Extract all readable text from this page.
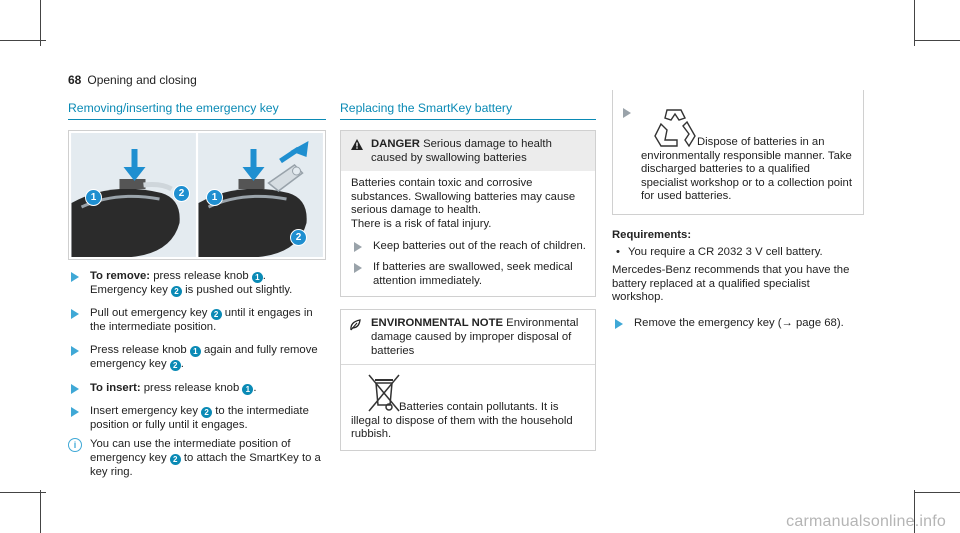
68 Opening and closing
Removing/inserting the emergency key
1	2	1
2
To remove: press release knob 1 . Emergency key 2 is pushed out slightly.
Pull out emergency key 2 until it engages in the intermediate position.
Press release knob 1 again and fully remove emergency key 2 .
To insert: press release knob 1 .
Insert emergency key 2 to the intermediate position or fully until it engages.
i	You can use the intermediate position of emergency key 2 to attach the SmartKey to a key ring.
Replacing the SmartKey battery
DANGER Serious damage to health caused by swallowing batteries
Batteries contain toxic and corrosive substances. Swallowing batteries may cause serious damage to health.
There is a risk of fatal injury.
Keep batteries out of the reach of children.
If batteries are swallowed, seek medical attention immediately.
ENVIRONMENTAL NOTE Environmental damage caused by improper disposal of batteries
Batteries contain pollutants. It is illegal to dispose of them with the household rubbish.
Dispose of batteries in an environmentally responsible manner. Take discharged batteries to a qualified specialist workshop or to a collection point for used batteries.
Requirements:
• You require a CR 2032 3 V cell battery.
Mercedes-Benz recommends that you have the battery replaced at a qualified specialist workshop.
Remove the emergency key (→ page 68).
carmanualsonline.info
